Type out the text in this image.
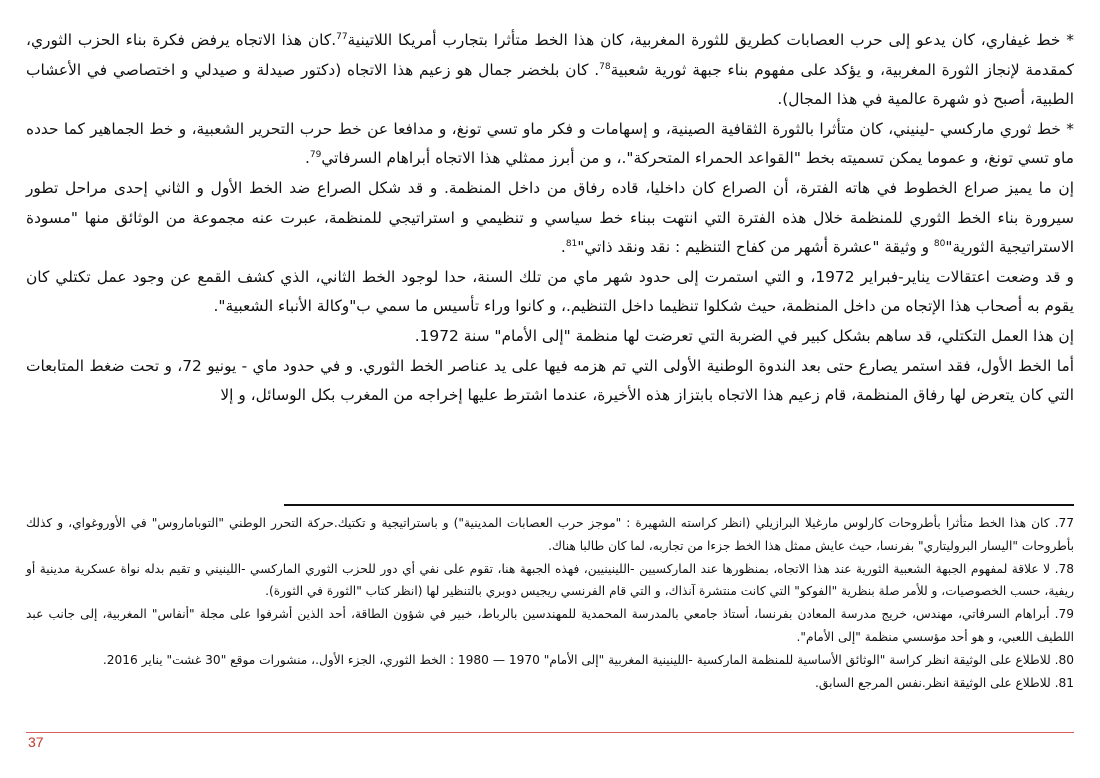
* خط غيفاري، كان يدعو إلى حرب العصابات كطريق للثورة المغربية، كان هذا الخط متأثرا بتجارب أمريكا اللاتينية$^{77}$.كان هذا الاتجاه يرفض فكرة بناء الحزب الثوري، كمقدمة لإنجاز الثورة المغربية، و يؤكد على مفهوم بناء جبهة ثورية شعبية$^{78}$. كان بلخضر جمال هو زعيم هذا الاتجاه (دكتور صيدلة و صيدلي و اختصاصي في الأعشاب الطبية، أصبح ذو شهرة عالمية في هذا المجال).

* خط ثوري ماركسي -لينيني، كان متأثرا بالثورة الثقافية الصينية، و إسهامات و فكر ماو تسي تونغ، و مدافعا عن خط حرب التحرير الشعبية، و خط الجماهير كما حدده ماو تسي تونغ، و عموما يمكن تسميته بخط "القواعد الحمراء المتحركة".، و من أبرز ممثلي هذا الاتجاه أبراهام السرفاتي$^{79}$.

إن ما يميز صراع الخطوط في هاته الفترة، أن الصراع كان داخليا، قاده رفاق من داخل المنظمة. و قد شكل الصراع ضد الخط الأول و الثاني إحدى مراحل تطور سيرورة بناء الخط الثوري للمنظمة خلال هذه الفترة التي انتهت ببناء خط سياسي و تنظيمي و استراتيجي للمنظمة، عبرت عنه مجموعة من الوثائق منها "مسودة الاستراتيجية الثورية"$^{80}$ و وثيقة "عشرة أشهر من كفاح التنظيم : نقد ونقد ذاتي"$^{81}$.

و قد وضعت اعتقالات يناير-فبراير 1972، و التي استمرت إلى حدود شهر ماي من تلك السنة، حدا لوجود الخط الثاني، الذي كشف القمع عن وجود عمل تكتلي كان يقوم به أصحاب هذا الإتجاه من داخل المنظمة، حيث شكلوا تنظيما داخل التنظيم.، و كانوا وراء تأسيس ما سمي ب"وكالة الأنباء الشعبية".

إن هذا العمل التكتلي، قد ساهم بشكل كبير في الضربة التي تعرضت لها منظمة "إلى الأمام" سنة 1972.

أما الخط الأول، فقد استمر يصارع حتى بعد الندوة الوطنية الأولى التي تم هزمه فيها على يد عناصر الخط الثوري. و في حدود ماي - يونيو 72، و تحت ضغط المتابعات التي كان يتعرض لها رفاق المنظمة، قام زعيم هذا الاتجاه بابتزاز هذه الأخيرة، عندما اشترط عليها إخراجه من المغرب بكل الوسائل، و إلا

77. كان هذا الخط متأثرا بأطروحات كارلوس مارغيلا البرازيلي (انظر كراسته الشهيرة : "موجز حرب العصابات المدينية") و باستراتيجية و تكتيك.حركة التحرر الوطني "التوباماروس" في الأوروغواي، و كذلك بأطروحات "اليسار البروليتاري" بفرنسا، حيث عايش ممثل هذا الخط جزءا من تجاربه، لما كان طالبا هناك.

78. لا علاقة لمفهوم الجبهة الشعبية الثورية عند هذا الاتجاه، بمنظورها عند الماركسيين -اللينينيين، فهذه الجبهة هنا، تقوم على نفي أي دور للحزب الثوري الماركسي -اللينيني و تقيم بدله نواة عسكرية مدينية أو ريفية، حسب الخصوصيات، و للأمر صلة بنظرية "الفوكو" التي كانت منتشرة آنذاك، و التي قام الفرنسي ريجيس دوبري بالتنظير لها (انظر كتاب "الثورة في الثورة).

79. أبراهام السرفاتي، مهندس، خريج مدرسة المعادن بفرنسا، أستاذ جامعي بالمدرسة المحمدية للمهندسين بالرباط، خبير في شؤون الطاقة، أحد الذين أشرفوا على مجلة "أنفاس" المغربية، إلى جانب عبد اللطيف اللعبي، و هو أحد مؤسسي منظمة "إلى الأمام".

80. للاطلاع على الوثيقة انظر كراسة "الوثائق الأساسية للمنظمة الماركسية -اللينينية المغربية "إلى الأمام" 1970 — 1980 : الخط الثوري، الجزء الأول.، منشورات موقع "30 غشت" يناير 2016.

81. للاطلاع على الوثيقة انظر.نفس المرجع السابق.

37
